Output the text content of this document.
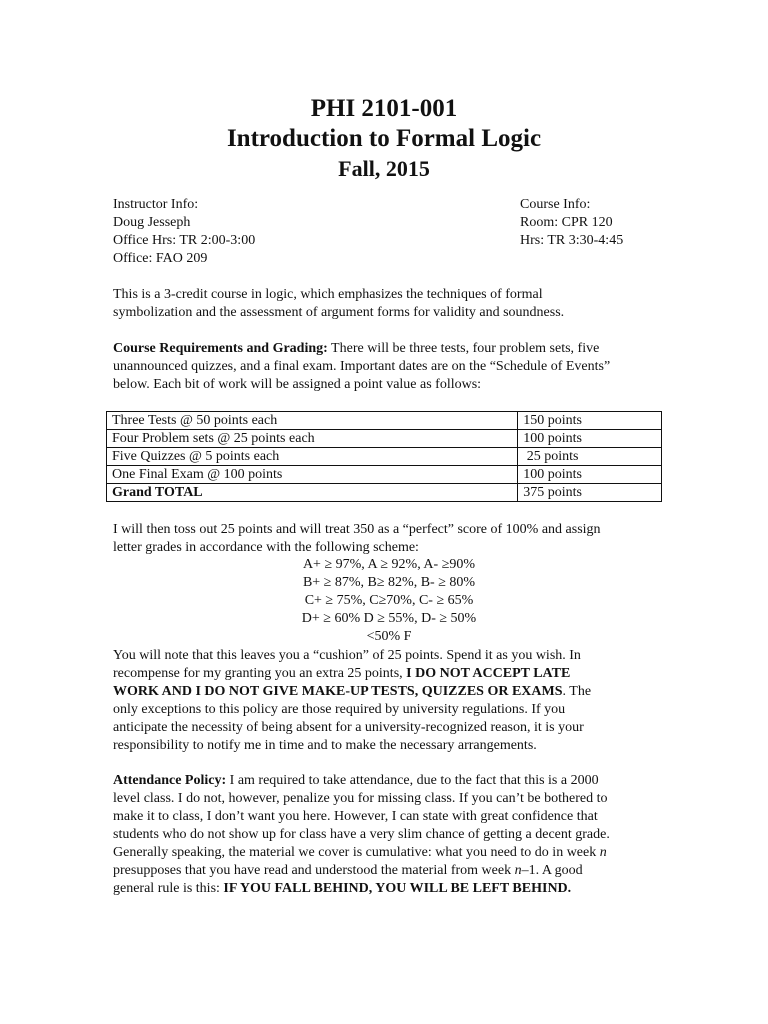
PHI 2101-001
Introduction to Formal Logic
Fall, 2015
Instructor Info:
Doug Jesseph
Office Hrs: TR 2:00-3:00
Office: FAO 209
Course Info:
Room: CPR 120
Hrs: TR 3:30-4:45
This is a 3-credit course in logic, which emphasizes the techniques of formal
symbolization and the assessment of argument forms for validity and soundness.
Course Requirements and Grading: There will be three tests, four problem sets, five
unannounced quizzes, and a final exam. Important dates are on the “Schedule of Events”
below. Each bit of work will be assigned a point value as follows:
Three Tests @ 50 points each	150 points
Four Problem sets @ 25 points each	100 points
Five Quizzes @ 5 points each	25 points
One Final Exam @ 100 points	100 points
Grand TOTAL	375 points
I will then toss out 25 points and will treat 350 as a “perfect” score of 100% and assign
letter grades in accordance with the following scheme:
A+ ≥ 97%, A ≥ 92%, A- ≥90%
B+ ≥ 87%, B≥ 82%, B- ≥ 80%
C+ ≥ 75%, C≥70%, C- ≥ 65%
D+ ≥ 60% D ≥ 55%, D- ≥ 50%
<50% F
You will note that this leaves you a “cushion” of 25 points. Spend it as you wish. In
recompense for my granting you an extra 25 points, I DO NOT ACCEPT LATE
WORK AND I DO NOT GIVE MAKE-UP TESTS, QUIZZES OR EXAMS. The
only exceptions to this policy are those required by university regulations. If you
anticipate the necessity of being absent for a university-recognized reason, it is your
responsibility to notify me in time and to make the necessary arrangements.
Attendance Policy: I am required to take attendance, due to the fact that this is a 2000
level class. I do not, however, penalize you for missing class. If you can’t be bothered to
make it to class, I don’t want you here. However, I can state with great confidence that
students who do not show up for class have a very slim chance of getting a decent grade.
Generally speaking, the material we cover is cumulative: what you need to do in week n
presupposes that you have read and understood the material from week n–1. A good
general rule is this: IF YOU FALL BEHIND, YOU WILL BE LEFT BEHIND.
